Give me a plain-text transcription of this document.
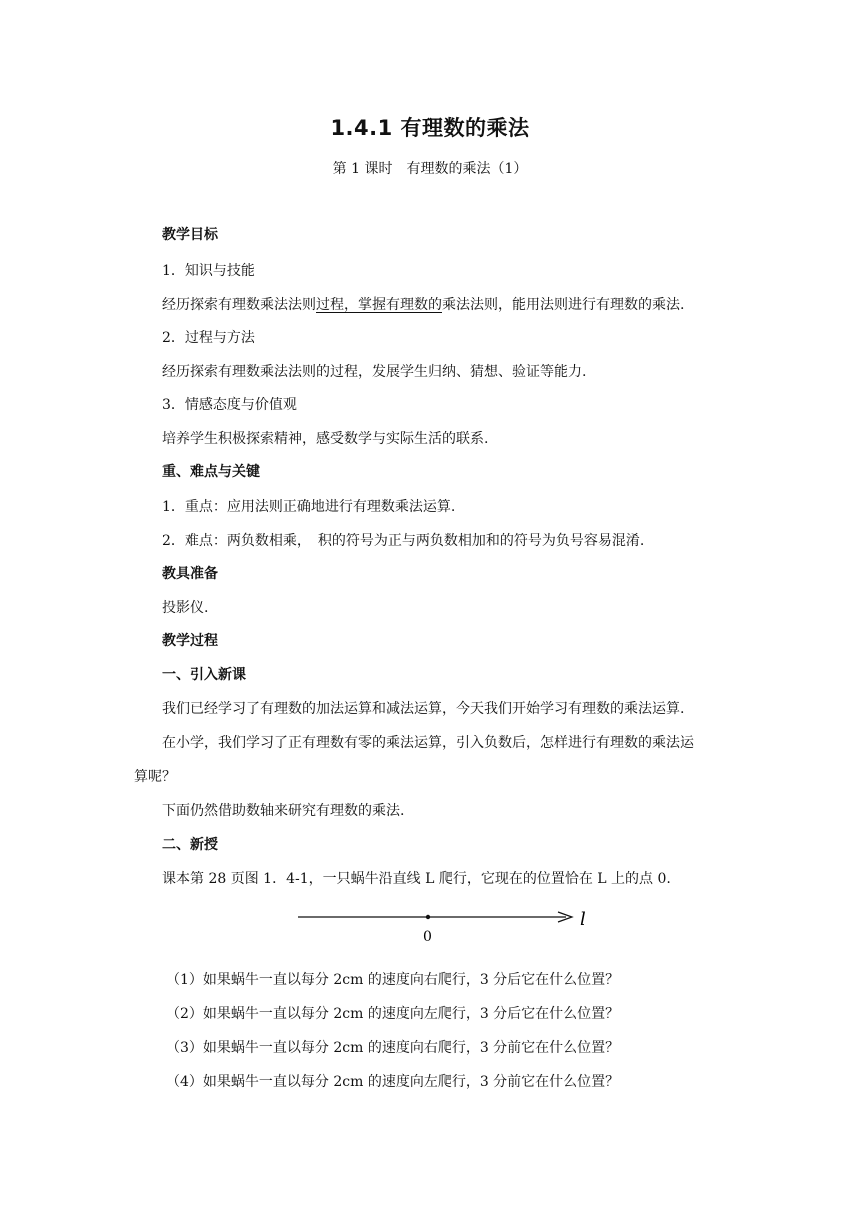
1.4.1 有理数的乘法
第 1 课时　有理数的乘法（1）
教学目标
1．知识与技能
经历探索有理数乘法法则过程，掌握有理数的乘法法则，能用法则进行有理数的乘法.
2．过程与方法
经历探索有理数乘法法则的过程，发展学生归纳、猜想、验证等能力.
3．情感态度与价值观
培养学生积极探索精神，感受数学与实际生活的联系.
重、难点与关键
1．重点：应用法则正确地进行有理数乘法运算.
2．难点：两负数相乘，　积的符号为正与两负数相加和的符号为负号容易混淆.
教具准备
投影仪.
教学过程
一、引入新课
我们已经学习了有理数的加法运算和减法运算，今天我们开始学习有理数的乘法运算.
在小学，我们学习了正有理数有零的乘法运算，引入负数后，怎样进行有理数的乘法运
算呢？
下面仍然借助数轴来研究有理数的乘法.
二、新授
课本第 28 页图 1．4-1，一只蜗牛沿直线 L 爬行，它现在的位置恰在 L 上的点 0.
0
l
（1）如果蜗牛一直以每分 2cm 的速度向右爬行，3 分后它在什么位置？
（2）如果蜗牛一直以每分 2cm 的速度向左爬行，3 分后它在什么位置？
（3）如果蜗牛一直以每分 2cm 的速度向右爬行，3 分前它在什么位置？
（4）如果蜗牛一直以每分 2cm 的速度向左爬行，3 分前它在什么位置？
